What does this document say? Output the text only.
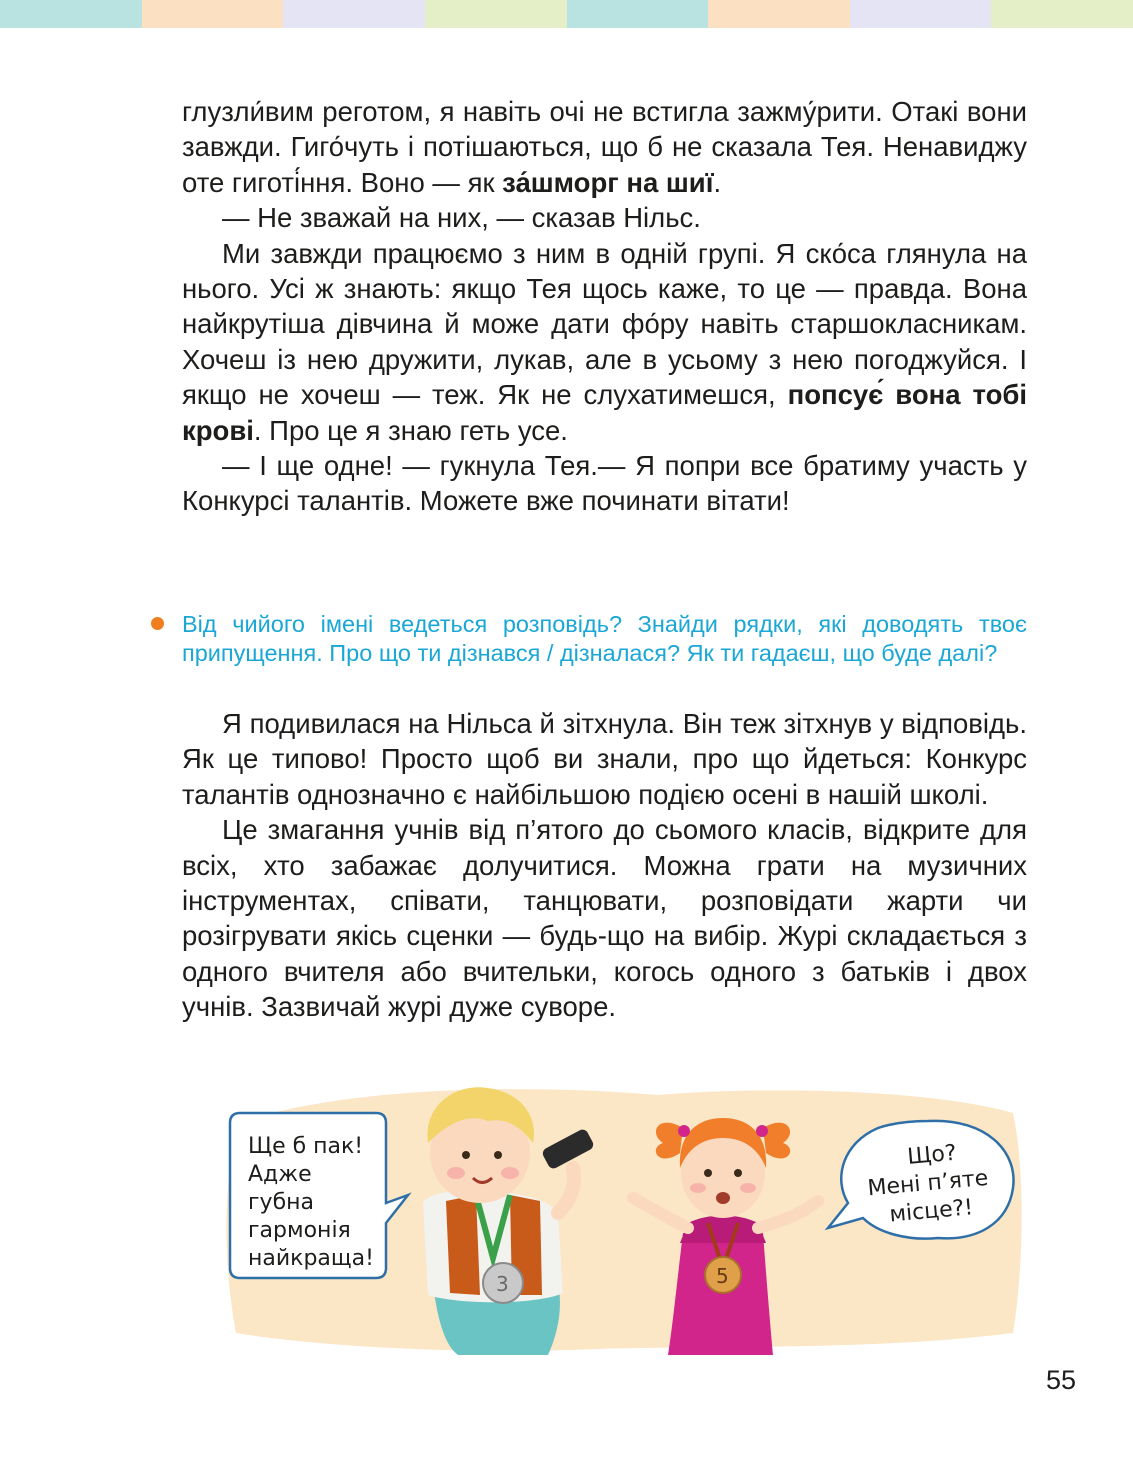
глузли́вим реготом, я навіть очі не встигла зажму́рити. Отакі вони завжди. Гиго́чуть і потішаються, що б не сказала Тея. Ненавиджу оте гиготі́ння. Воно — як за́шморг на шиї.

— Не зважай на них, — сказав Нільс.

Ми завжди працюємо з ним в одній групі. Я ско́са глянула на нього. Усі ж знають: якщо Тея щось каже, то це — правда. Вона найкрутіша дівчина й може дати фо́ру навіть старшокласникам. Хочеш із нею дружити, лукав, але в усьому з нею погоджуйся. І якщо не хочеш — теж. Як не слухатимешся, попсує́ вона тобі крові. Про це я знаю геть усе.

— І ще одне! — гукнула Тея.— Я попри все братиму участь у Конкурсі талантів. Можете вже починати вітати!

Від чийого імені ведеться розповідь? Знайди рядки, які доводять твоє припущення. Про що ти дізнався / дізналася? Як ти гадаєш, що буде далі?

Я подивилася на Нільса й зітхнула. Він теж зітхнув у відповідь. Як це типово! Просто щоб ви знали, про що йдеться: Конкурс талантів однозначно є найбільшою подією осені в нашій школі.

Це змагання учнів від п’ятого до сьомого класів, відкрите для всіх, хто забажає долучитися. Можна грати на музичних інструментах, співати, танцювати, розповідати жарти чи розігрувати якісь сценки — будь-що на вибір. Журі складається з одного вчителя або вчительки, когось одного з батьків і двох учнів. Зазвичай журі дуже суворе.

Ще б пак!
Адже
губна
гармонія
найкраща!
3	5
Що?
Мені п’яте
місце?!
55
